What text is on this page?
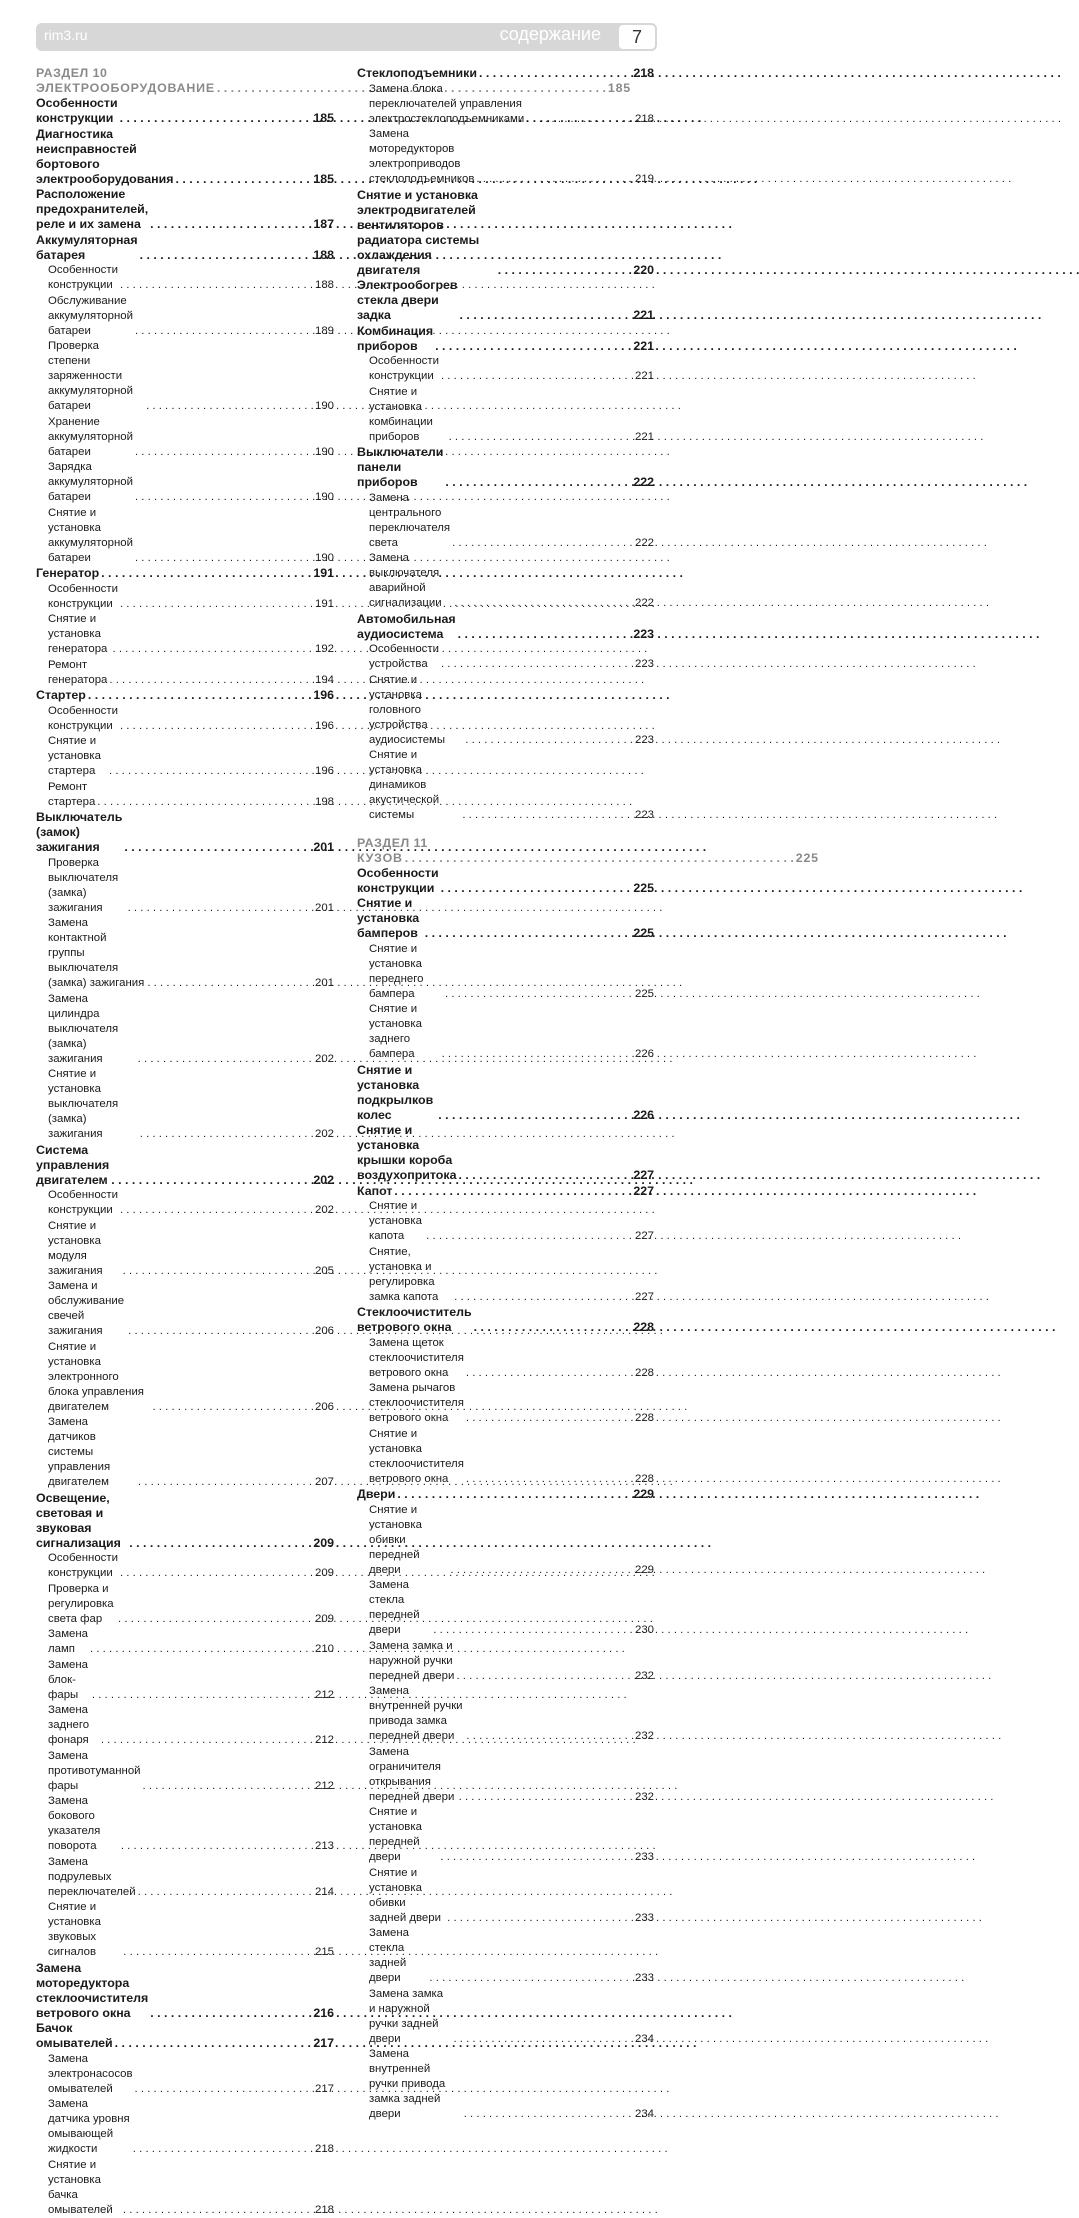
rim3.ru	содержание	7
РАЗДЕЛ 10
ЭЛЕКТРООБОРУДОВАНИЕ . . .	185
Особенности конструкции . . .	185
Диагностика неисправностей бортового электрооборудования . . .	185
Расположение предохранителей, реле и их замена . . .	187
Аккумуляторная батарея . . .	188
Особенности конструкции . . .	188
Обслуживание аккумуляторной батареи . . .	189
Проверка степени заряженности аккумуляторной батареи . . .	190
Хранение аккумуляторной батареи . . .	190
Зарядка аккумуляторной батареи . . .	190
Снятие и установка аккумуляторной батареи . . .	190
Генератор . . .	191
Особенности конструкции . . .	191
Снятие и установка генератора . . .	192
Ремонт генератора . . .	194
Стартер . . .	196
Особенности конструкции . . .	196
Снятие и установка стартера . . .	196
Ремонт стартера . . .	198
Выключатель (замок) зажигания . . .	201
Проверка выключателя (замка) зажигания . . .	201
Замена контактной группы выключателя (замка) зажигания . . .	201
Замена цилиндра выключателя (замка) зажигания . . .	202
Снятие и установка выключателя (замка) зажигания . . .	202
Система управления двигателем . . .	202
Особенности конструкции . . .	202
Снятие и установка модуля зажигания . . .	205
Замена и обслуживание свечей зажигания . . .	206
Снятие и установка электронного блока управления двигателем . . .	206
Замена датчиков системы управления двигателем . . .	207
Освещение, световая и звуковая сигнализация . . .	209
Особенности конструкции . . .	209
Проверка и регулировка света фар . . .	209
Замена ламп . . .	210
Замена блок-фары . . .	212
Замена заднего фонаря . . .	212
Замена противотуманной фары . . .	212
Замена бокового указателя поворота . . .	213
Замена подрулевых переключателей . . .	214
Снятие и установка звуковых сигналов . . .	215
Замена моторедуктора стеклоочистителя ветрового окна . . .	216
Бачок омывателей . . .	217
Замена электронасосов омывателей . . .	217
Замена датчика уровня омывающей жидкости . . .	218
Снятие и установка бачка омывателей . . .	218
Стеклоподъемники . . .	218
Замена блока переключателей управления электростеклоподъемниками . . .	218
Замена моторедукторов электроприводов стеклоподъемников . . .	219
Снятие и установка электродвигателей вентиляторов радиатора системы охлаждения двигателя . . .	220
Электрообогрев стекла двери задка . . .	221
Комбинация приборов . . .	221
Особенности конструкции . . .	221
Снятие и установка комбинации приборов . . .	221
Выключатели панели приборов . . .	222
Замена центрального переключателя света . . .	222
Замена выключателя аварийной сигнализации . . .	222
Автомобильная аудиосистема . . .	223
Особенности устройства . . .	223
Снятие и установка головного устройства аудиосистемы . . .	223
Снятие и установка динамиков акустической системы . . .	223
РАЗДЕЛ 11
КУЗОВ . . .	225
Особенности конструкции . . .	225
Снятие и установка бамперов . . .	225
Снятие и установка переднего бампера . . .	225
Снятие и установка заднего бампера . . .	226
Снятие и установка подкрылков колес . . .	226
Снятие и установка крышки короба воздухопритока . . .	227
Капот . . .	227
Снятие и установка капота . . .	227
Снятие, установка и регулировка замка капота . . .	227
Стеклоочиститель ветрового окна . . .	228
Замена щеток стеклоочистителя ветрового окна . . .	228
Замена рычагов стеклоочистителя ветрового окна . . .	228
Снятие и установка стеклоочистителя ветрового окна . . .	228
Двери . . .	229
Снятие и установка обивки передней двери . . .	229
Замена стекла передней двери . . .	230
Замена замка и наружной ручки передней двери . . .	232
Замена внутренней ручки привода замка передней двери . . .	232
Замена ограничителя открывания передней двери . . .	232
Снятие и установка передней двери . . .	233
Снятие и установка обивки задней двери . . .	233
Замена стекла задней двери . . .	233
Замена замка и наружной ручки задней двери . . .	234
Замена внутренней ручки привода замка задней двери . . .	234
